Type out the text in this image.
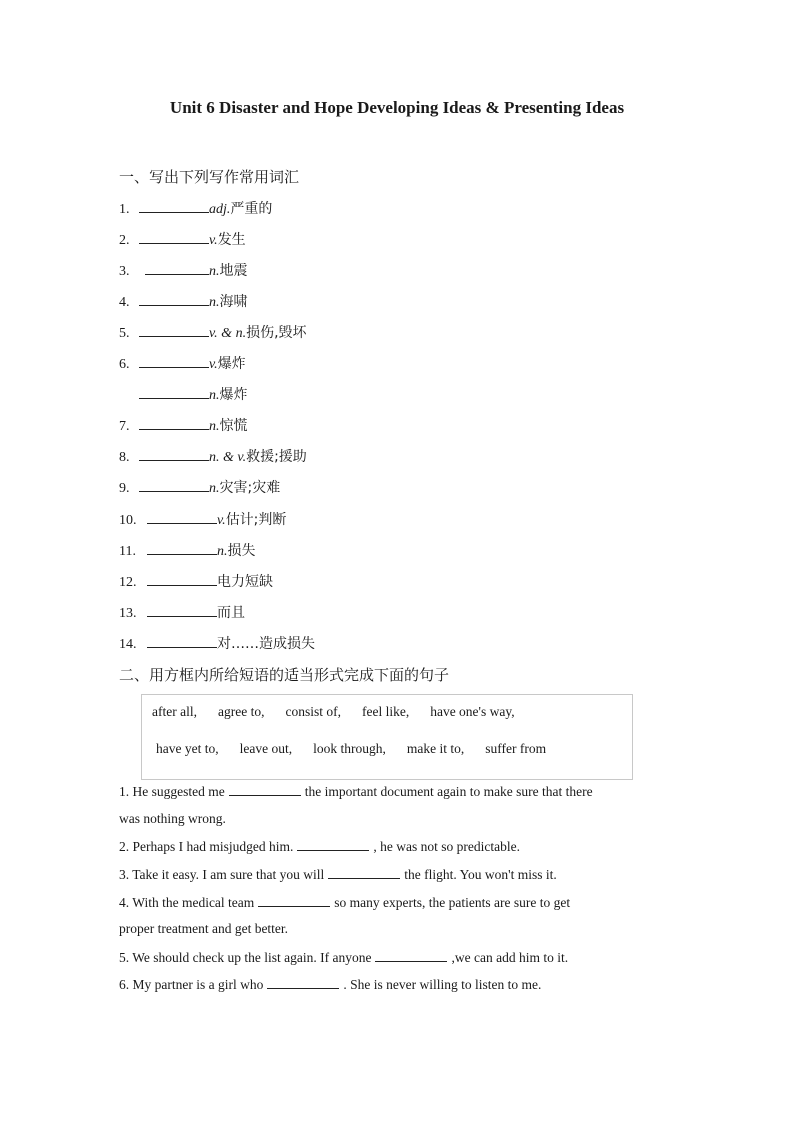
Unit 6 Disaster and Hope Developing Ideas & Presenting Ideas
一、写出下列写作常用词汇
1.	adj. 严重的
2.	v. 发生
3.	n. 地震
4.	n. 海啸
5.	v. & n. 损伤,毁坏
6.	v. 爆炸
n. 爆炸
7.	n. 惊慌
8.	n. & v. 救援;援助
9.	n. 灾害;灾难
10.	v. 估计;判断
11.	n. 损失
12.	电力短缺
13.	而且
14.	对……造成损失
二、用方框内所给短语的适当形式完成下面的句子
after all, agree to, consist of, feel like, have one's way,
have yet to, leave out, look through, make it to, suffer from
1. He suggested me	the important document again to make sure that there
was nothing wrong.
2. Perhaps I had misjudged him.	, he was not so predictable.
3. Take it easy. I am sure that you will	the flight. You won't miss it.
4. With the medical team	so many experts, the patients are sure to get
proper treatment and get better.
5. We should check up the list again. If anyone	,we can add him to it.
6. My partner is a girl who	. She is never willing to listen to me.
